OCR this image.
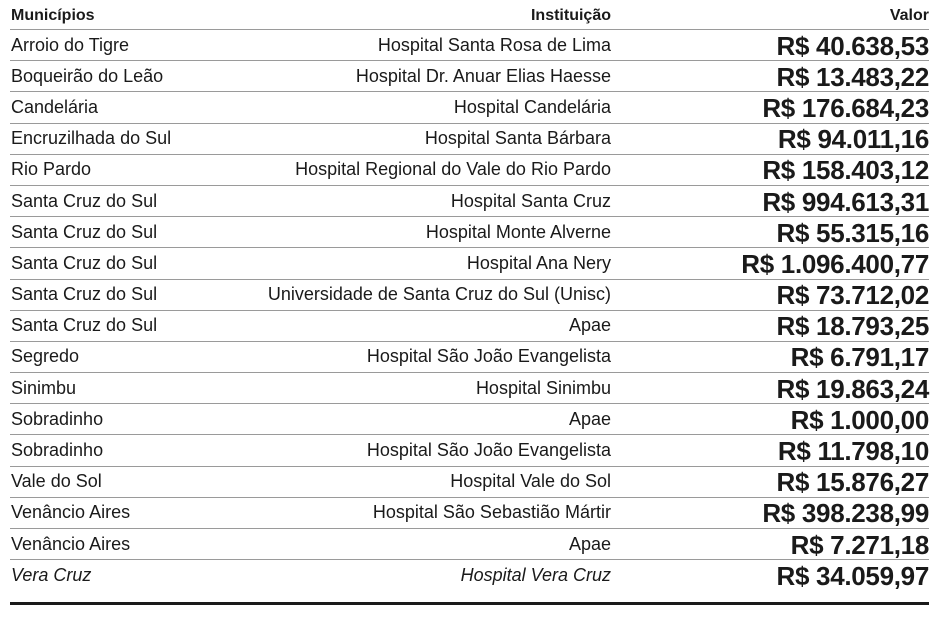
Municípios	Instituição	Valor
Arroio do Tigre	Hospital Santa Rosa de Lima	R$ 40.638,53
Boqueirão do Leão	Hospital Dr. Anuar Elias Haesse	R$ 13.483,22
Candelária	Hospital Candelária	R$ 176.684,23
Encruzilhada do Sul	Hospital Santa Bárbara	R$ 94.011,16
Rio Pardo	Hospital Regional do Vale do Rio Pardo	R$ 158.403,12
Santa Cruz do Sul	Hospital Santa Cruz	R$ 994.613,31
Santa Cruz do Sul	Hospital Monte Alverne	R$ 55.315,16
Santa Cruz do Sul	Hospital Ana Nery	R$ 1.096.400,77
Santa Cruz do Sul	Universidade de Santa Cruz do Sul (Unisc)	R$ 73.712,02
Santa Cruz do Sul	Apae	R$ 18.793,25
Segredo	Hospital São João Evangelista	R$ 6.791,17
Sinimbu	Hospital Sinimbu	R$ 19.863,24
Sobradinho	Apae	R$ 1.000,00
Sobradinho	Hospital São João Evangelista	R$ 11.798,10
Vale do Sol	Hospital Vale do Sol	R$ 15.876,27
Venâncio Aires	Hospital São Sebastião Mártir	R$ 398.238,99
Venâncio Aires	Apae	R$ 7.271,18
Vera Cruz	Hospital Vera Cruz	R$ 34.059,97
